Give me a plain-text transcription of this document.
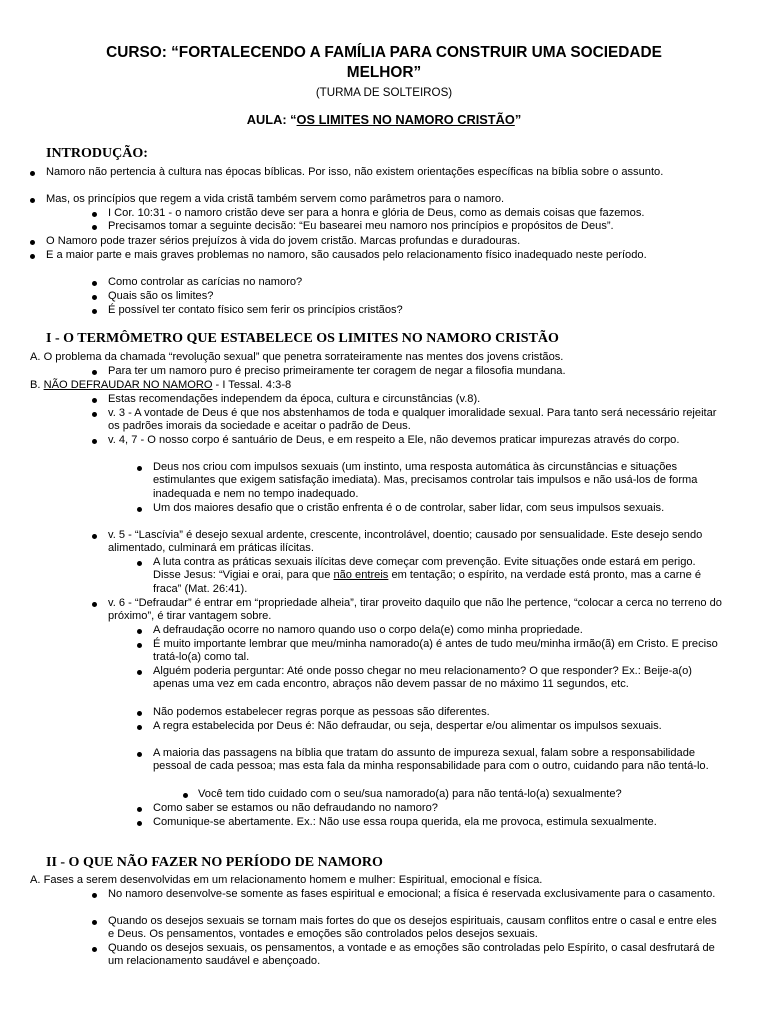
CURSO: “FORTALECENDO A FAMÍLIA PARA CONSTRUIR UMA SOCIEDADE
MELHOR”
(TURMA DE SOLTEIROS)
AULA: “OS LIMITES NO NAMORO CRISTÃO”
INTRODUÇÃO:
Namoro não pertencia à cultura nas épocas bíblicas. Por isso, não existem orientações específicas na bíblia sobre o assunto.
Mas, os princípios que regem a vida cristã também servem como parâmetros para o namoro.
I Cor. 10:31 - o namoro cristão deve ser para a honra e glória de Deus, como as demais coisas que fazemos.
Precisamos tomar a seguinte decisão: “Eu basearei meu namoro nos princípios e propósitos de Deus”.
O Namoro pode trazer sérios prejuízos à vida do jovem cristão. Marcas profundas e duradouras.
E a maior parte e mais graves problemas no namoro, são causados pelo relacionamento físico inadequado neste período.
Como controlar as carícias no namoro?
Quais são os limites?
É possível ter contato físico sem ferir os princípios cristãos?
I - O TERMÔMETRO QUE ESTABELECE OS LIMITES NO NAMORO CRISTÃO
A. O problema da chamada “revolução sexual” que penetra sorrateiramente nas mentes dos jovens cristãos.
Para ter um namoro puro é preciso primeiramente ter coragem de negar a filosofia mundana.
B. NÃO DEFRAUDAR NO NAMORO - I Tessal. 4:3-8
Estas recomendações independem da época, cultura e circunstâncias (v.8).
v. 3 - A vontade de Deus é que nos abstenhamos de toda e qualquer imoralidade sexual. Para tanto será necessário rejeitar os padrões imorais da sociedade e aceitar o padrão de Deus.
v. 4, 7 - O nosso corpo é santuário de Deus, e em respeito a Ele, não devemos praticar impurezas através do corpo.
Deus nos criou com impulsos sexuais (um instinto, uma resposta automática às circunstâncias e situações estimulantes que exigem satisfação imediata). Mas, precisamos controlar tais impulsos e não usá-los de forma inadequada e nem no tempo inadequado.
Um dos maiores desafio que o cristão enfrenta é o de controlar, saber lidar, com seus impulsos sexuais.
v. 5 - “Lascívia” é desejo sexual ardente, crescente, incontrolável, doentio; causado por sensualidade. Este desejo sendo alimentado, culminará em práticas ilícitas.
A luta contra as práticas sexuais ilícitas deve começar com prevenção. Evite situações onde estará em perigo. Disse Jesus: “Vigiai e orai, para que não entreis em tentação; o espírito, na verdade está pronto, mas a carne é fraca” (Mat. 26:41).
v. 6 - “Defraudar” é entrar em “propriedade alheia”, tirar proveito daquilo que não lhe pertence, “colocar a cerca no terreno do próximo”, é tirar vantagem sobre.
A defraudação ocorre no namoro quando uso o corpo dela(e) como minha propriedade.
É muito importante lembrar que meu/minha namorado(a) é antes de tudo meu/minha irmão(ã) em Cristo. E preciso tratá-lo(a) como tal.
Alguém poderia perguntar: Até onde posso chegar no meu relacionamento? O que responder? Ex.: Beije-a(o) apenas uma vez em cada encontro, abraços não devem passar de no máximo 11 segundos, etc.
Não podemos estabelecer regras porque as pessoas são diferentes.
A regra estabelecida por Deus é: Não defraudar, ou seja, despertar e/ou alimentar os impulsos sexuais.
A maioria das passagens na bíblia que tratam do assunto de impureza sexual, falam sobre a responsabilidade pessoal de cada pessoa; mas esta fala da minha responsabilidade para com o outro, cuidando para não tentá-lo.
Você tem tido cuidado com o seu/sua namorado(a) para não tentá-lo(a) sexualmente?
Como saber se estamos ou não defraudando no namoro?
Comunique-se abertamente. Ex.: Não use essa roupa querida, ela me provoca, estimula sexualmente.
II - O QUE NÃO FAZER NO PERÍODO DE NAMORO
A. Fases a serem desenvolvidas em um relacionamento homem e mulher: Espiritual, emocional e física.
No namoro desenvolve-se somente as fases espiritual e emocional; a física é reservada exclusivamente para o casamento.
Quando os desejos sexuais se tornam mais fortes do que os desejos espirituais, causam conflitos entre o casal e entre eles e Deus. Os pensamentos, vontades e emoções são controlados pelos desejos sexuais.
Quando os desejos sexuais, os pensamentos, a vontade e as emoções são controladas pelo Espírito, o casal desfrutará de um relacionamento saudável e abençoado.
